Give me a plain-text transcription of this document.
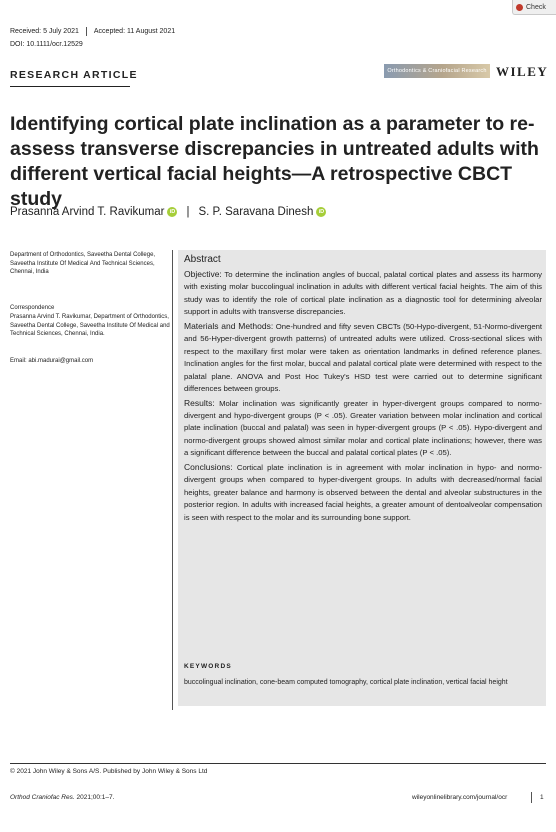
Check
Received: 5 July 2021 Accepted: 11 August 2021
DOI: 10.1111/ocr.12529
RESEARCH ARTICLE	Orthodontics & Craniofacial Research WILEY
Identifying cortical plate inclination as a parameter to re-assess transverse discrepancies in untreated adults with different vertical facial heights—A retrospective CBCT study
Prasanna Arvind T. Ravikumar iD | S. P. Saravana Dinesh iD
Department of Orthodontics, Saveetha Dental College, Saveetha Institute Of Medical And Technical Sciences, Chennai, India
Correspondence
Prasanna Arvind T. Ravikumar, Department of Orthodontics, Saveetha Dental College, Saveetha Institute Of Medical and Technical Sciences, Chennai, India.
Email: abi.madurai@gmail.com
Abstract

Objective: To determine the inclination angles of buccal, palatal cortical plates and assess its harmony with existing molar buccolingual inclination in adults with different vertical facial heights. The aim of this study was to identify the role of cortical plate inclination as a diagnostic tool for determining alveolar support in adults with transverse discrepancies.

Materials and Methods: One-hundred and fifty seven CBCTs (50-Hypo-divergent, 51-Normo-divergent and 56-Hyper-divergent growth patterns) of untreated adults were utilized. Cross-sectional slices with respect to the maxillary first molar were taken as orientation landmarks in defined reference planes. Inclination angles for the first molar, buccal and palatal cortical plate were determined with respect to the palatal plane. ANOVA and Post Hoc Tukey's HSD test were carried out to determine significant differences between groups.

Results: Molar inclination was significantly greater in hyper-divergent groups compared to normo-divergent and hypo-divergent groups (P < .05). Greater variation between molar inclination and cortical plate inclination (buccal and palatal) was seen in hyper-divergent groups (P < .05). Hypo-divergent and normo-divergent groups showed almost similar molar and cortical plate inclinations; however, there was a significant difference between the buccal and palatal cortical plates (P < .05).

Conclusions: Cortical plate inclination is in agreement with molar inclination in hypo- and normo-divergent groups when compared to hyper-divergent groups. In adults with decreased/normal facial heights, greater balance and harmony is observed between the dental and alveolar substructures in the posterior region. In adults with increased facial heights, a greater amount of dentoalveolar compensation is seen with respect to the molar and its surrounding bone support.

KEYWORDS
buccolingual inclination, cone-beam computed tomography, cortical plate inclination, vertical facial height
© 2021 John Wiley & Sons A/S. Published by John Wiley & Sons Ltd
Orthod Craniofac Res. 2021;00:1–7.	wileyonlinelibrary.com/journal/ocr	1
